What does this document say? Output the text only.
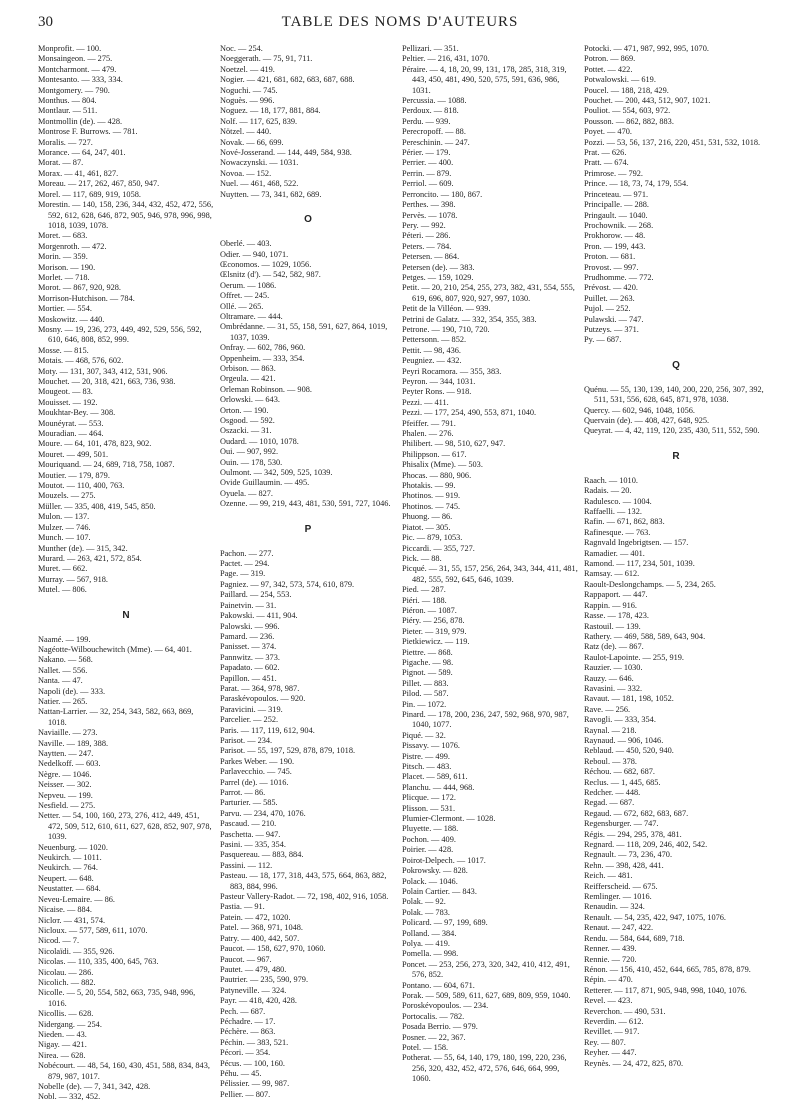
30	TABLE DES NOMS D'AUTEURS
Monprofit. — 100.
Monsaingeon. — 275.
Montcharmont. — 479.
Montesanto. — 333, 334.
Montgomery. — 790.
Monthus. — 804.
Montlaur. — 511.
Montmollin (de). — 428.
Montrose F. Burrows. — 781.
Moralis. — 727.
Morance. — 64, 247, 401.
Morat. — 87.
Morax. — 41, 461, 827.
Moreau. — 217, 262, 467, 850, 947.
Morel. — 117, 689, 919, 1058.
Morestin. — 140, 158, 236, 344, 432, 452, 472, 556, 592, 612, 628, 646, 872, 905, 946, 978, 996, 998, 1018, 1039, 1078.
Moret. — 683.
Morgenroth. — 472.
Morin. — 359.
Morison. — 190.
Morlet. — 718.
Morot. — 867, 920, 928.
Morrison-Hutchison. — 784.
Mortier. — 554.
Moskowitz. — 440.
Mosny. — 19, 236, 273, 449, 492, 529, 556, 592, 610, 646, 808, 852, 999.
Mosse. — 815.
Motais. — 468, 576, 602.
Moty. — 131, 307, 343, 412, 531, 906.
Mouchet. — 20, 318, 421, 663, 736, 938.
Mougeot. — 83.
Mouisset. — 192.
Moukhtar-Bey. — 308.
Mounéyrat. — 553.
Mouradian. — 464.
Moure. — 64, 101, 478, 823, 902.
Mouret. — 499, 501.
Mouriquand. — 24, 689, 718, 758, 1087.
Moutier. — 179, 879.
Moutot. — 110, 400, 763.
Mouzels. — 275.
Müller. — 335, 408, 419, 545, 850.
Mulon. — 137.
Mulzer. — 746.
Munch. — 107.
Munther (de). — 315, 342.
Murard. — 263, 421, 572, 854.
Muret. — 662.
Murray. — 567, 918.
Mutel. — 806.
N
Naamé. — 199.
Nagéotte-Wilbouchewitch (Mme). — 64, 401.
Nakano. — 568.
Nallet. — 556.
Nanta. — 47.
Napoli (de). — 333.
Natier. — 265.
Nattan-Larrier. — 32, 254, 343, 582, 663, 869, 1018.
Naviaille. — 273.
Naville. — 189, 388.
Naytten. — 247.
Nedelkoff. — 603.
Nègre. — 1046.
Neisser. — 302.
Nepveu. — 199.
Nesfield. — 275.
Netter. — 54, 100, 160, 273, 276, 412, 449, 451, 472, 509, 512, 610, 611, 627, 628, 852, 907, 978, 1039.
Neuenburg. — 1020.
Neukirch. — 1011.
Neukirch. — 764.
Neupert. — 648.
Neustatter. — 684.
Neveu-Lemaire. — 86.
Nicaise. — 884.
Nicloт. — 431, 574.
Nicloux. — 577, 589, 611, 1070.
Nicod. — 7.
Nicolaïdi. — 355, 926.
Nicolas. — 110, 335, 400, 645, 763.
Nicolau. — 286.
Nicolich. — 882.
Nicolle. — 5, 20, 554, 582, 663, 735, 948, 996, 1016.
Nicollis. — 628.
Nidergang. — 254.
Nieden. — 43.
Nigay. — 421.
Nirea. — 628.
Nobécourt. — 48, 54, 160, 430, 451, 588, 834, 843, 879, 987, 1017.
Nobelle (de). — 7, 341, 342, 428.
Nobl. — 332, 452.
Noc. — 254.
Noeggerath. — 75, 91, 711.
Noetzel. — 419.
Nogier. — 421, 681, 682, 683, 687, 688.
Noguchi. — 745.
Noguès. — 996.
Noguez. — 18, 177, 881, 884.
Nolf. — 117, 625, 839.
Nötzel. — 440.
Novak. — 66, 699.
Nové-Josserand. — 144, 449, 584, 938.
Nowaczynski. — 1031.
Novoa. — 152.
Nuel. — 461, 468, 522.
Nuytten. — 73, 341, 682, 689.
O
Oberlé. — 403.
Odier. — 940, 1071.
Œconomos. — 1029, 1056.
Œlsnitz (d'). — 542, 582, 987.
Oerum. — 1086.
Offret. — 245.
Ollé. — 265.
Oltramare. — 444.
Ombrédanne. — 31, 55, 158, 591, 627, 864, 1019, 1037, 1039.
Onfray. — 602, 786, 960.
Oppenheim. — 333, 354.
Orbison. — 863.
Orgeula. — 421.
Orleman Robinson. — 908.
Orlowski. — 643.
Orton. — 190.
Osgood. — 592.
Oszacki. — 31.
Oudard. — 1010, 1078.
Oui. — 907, 992.
Ouin. — 178, 530.
Oulmont. — 342, 509, 525, 1039.
Ovide Guillaumin. — 495.
Oyuela. — 827.
Ozenne. — 99, 219, 443, 481, 530, 591, 727, 1046.
P
Pachon. — 277.
Pactet. — 294.
Page. — 319.
Pagniez. — 97, 342, 573, 574, 610, 879.
Paillard. — 254, 553.
Painetvin. — 31.
Pakowski. — 411, 904.
Palowski. — 996.
Pamard. — 236.
Panisset. — 374.
Pannwitz. — 373.
Papadato. — 602.
Papillon. — 451.
Parat. — 364, 978, 987.
Paraskévopoulos. — 920.
Paravicini. — 319.
Parcelier. — 252.
Paris. — 117, 119, 612, 904.
Parisot. — 234.
Parisot. — 55, 197, 529, 878, 879, 1018.
Parkes Weber. — 190.
Parlavecchio. — 745.
Parrel (de). — 1016.
Parrot. — 86.
Parturier. — 585.
Parvu. — 234, 470, 1076.
Pascaud. — 210.
Paschetta. — 947.
Pasini. — 335, 354.
Pasquereau. — 883, 884.
Passini. — 112.
Pasteau. — 18, 177, 318, 443, 575, 664, 863, 882, 883, 884, 996.
Pasteur Vallery-Radot. — 72, 198, 402, 916, 1058.
Pastia. — 91.
Patein. — 472, 1020.
Patel. — 368, 971, 1048.
Patry. — 400, 442, 507.
Paucot. — 158, 627, 970, 1060.
Paucot. — 967.
Pautet. — 479, 480.
Pautrier. — 235, 590, 979.
Patyneville. — 324.
Payr. — 418, 420, 428.
Pech. — 687.
Péchadre. — 17.
Péchère. — 863.
Péchin. — 383, 521.
Pécori. — 354.
Pécus. — 100, 160.
Péhu. — 45.
Pélissier. — 99, 987.
Pellier. — 807.
Pellizari. — 351.
Peltier. — 216, 431, 1070.
Péraire. — 4, 18, 20, 99, 131, 178, 285, 318, 319, 443, 450, 481, 490, 520, 575, 591, 636, 986, 1031.
Percussia. — 1088.
Perdoux. — 818.
Perdu. — 939.
Perecropoff. — 88.
Pereschinin. — 247.
Périer. — 179.
Perrier. — 400.
Perrin. — 879.
Perriol. — 609.
Perroncito. — 180, 867.
Perthes. — 398.
Pervès. — 1078.
Pery. — 992.
Péteri. — 286.
Peters. — 784.
Petersen. — 864.
Petersen (de). — 383.
Petges. — 159, 1029.
Petit. — 20, 210, 254, 255, 273, 382, 431, 554, 555, 619, 696, 807, 920, 927, 997, 1030.
Petit de la Villéon. — 939.
Petrini de Galatz. — 332, 354, 355, 383.
Petrone. — 190, 710, 720.
Pettersonn. — 852.
Pettit. — 98, 436.
Peugniez. — 432.
Peyri Rocamora. — 355, 383.
Peyron. — 344, 1031.
Peyter Rons. — 918.
Pezzi. — 411.
Pezzi. — 177, 254, 490, 553, 871, 1040.
Pfeiffer. — 791.
Phalen. — 276.
Philibert. — 98, 510, 627, 947.
Philippson. — 617.
Phisalix (Mme). — 503.
Phocas. — 880, 906.
Photakis. — 99.
Photinos. — 919.
Photinos. — 745.
Phuong. — 86.
Piatot. — 305.
Pic. — 879, 1053.
Piccardi. — 355, 727.
Pick. — 88.
Picqué. — 31, 55, 157, 256, 264, 343, 344, 411, 481, 482, 555, 592, 645, 646, 1039.
Pied. — 287.
Piéri. — 188.
Piéron. — 1087.
Piéry. — 256, 878.
Pieter. — 319, 979.
Pietkiewicz. — 119.
Piettre. — 868.
Pigache. — 98.
Pignot. — 589.
Pillet. — 883.
Pilod. — 587.
Pin. — 1072.
Pinard. — 178, 200, 236, 247, 592, 968, 970, 987, 1040, 1077.
Piqué. — 32.
Pissavy. — 1076.
Pistre. — 499.
Pitsch. — 483.
Placet. — 589, 611.
Planchu. — 444, 968.
Plicque. — 172.
Plisson. — 531.
Plumier-Clermont. — 1028.
Pluyette. — 188.
Pochon. — 409.
Poirier. — 428.
Poirot-Delpech. — 1017.
Pokrowsky. — 828.
Polack. — 1046.
Polain Cartier. — 843.
Polak. — 92.
Polak. — 783.
Policard. — 97, 199, 689.
Polland. — 384.
Polya. — 419.
Pomella. — 998.
Poncet. — 253, 256, 273, 320, 342, 410, 412, 491, 576, 852.
Pontano. — 604, 671.
Porak. — 509, 589, 611, 627, 689, 809, 959, 1040.
Poroskévopoulos. — 234.
Portocalis. — 782.
Posada Berrio. — 979.
Posner. — 22, 367.
Potel. — 158.
Potherat. — 55, 64, 140, 179, 180, 199, 220, 236, 256, 320, 432, 452, 472, 576, 646, 664, 999, 1060.
Potocki. — 471, 987, 992, 995, 1070.
Potron. — 869.
Pottet. — 422.
Potwalowski. — 619.
Poucel. — 188, 218, 429.
Pouchet. — 200, 443, 512, 907, 1021.
Pouliot. — 554, 603, 972.
Pousson. — 862, 882, 883.
Poyet. — 470.
Pozzi. — 53, 56, 137, 216, 220, 451, 531, 532, 1018.
Prat. — 626.
Pratt. — 674.
Primrose. — 792.
Prince. — 18, 73, 74, 179, 554.
Princeteau. — 971.
Principalle. — 288.
Pringault. — 1040.
Prochownik. — 268.
Prokhorow. — 48.
Pron. — 199, 443.
Proton. — 681.
Provost. — 997.
Prudhomme. — 772.
Prévost. — 420.
Puillet. — 263.
Pujol. — 252.
Pulawski. — 747.
Putzeys. — 371.
Py. — 687.
Q
Quénu. — 55, 130, 139, 140, 200, 220, 256, 307, 392, 511, 531, 556, 628, 645, 871, 978, 1038.
Quercy. — 602, 946, 1048, 1056.
Quervain (de). — 408, 427, 648, 925.
Queyrat. — 4, 42, 119, 120, 235, 430, 511, 552, 590.
R
Raach. — 1010.
Radais. — 20.
Radulesco. — 1004.
Raffaelli. — 132.
Rafin. — 671, 862, 883.
Rafinesque. — 763.
Ragnvald Ingebrigtsen. — 157.
Ramadier. — 401.
Ramond. — 117, 234, 501, 1039.
Ramsay. — 612.
Raoult-Deslongchamps. — 5, 234, 265.
Rappaport. — 447.
Rappin. — 916.
Rasse. — 178, 423.
Rastouil. — 139.
Rathery. — 469, 588, 589, 643, 904.
Ratz (de). — 867.
Raulot-Lapointe. — 255, 919.
Rauzier. — 1030.
Rauzy. — 646.
Ravasini. — 332.
Ravaut. — 181, 198, 1052.
Rave. — 256.
Ravogli. — 333, 354.
Raynal. — 218.
Raynaud. — 906, 1046.
Reblaud. — 450, 520, 940.
Reboul. — 378.
Réchou. — 682, 687.
Reclus. — 1, 445, 685.
Redcher. — 448.
Regad. — 687.
Regaud. — 672, 682, 683, 687.
Regensburger. — 747.
Régis. — 294, 295, 378, 481.
Regnard. — 118, 209, 246, 402, 542.
Regnault. — 73, 236, 470.
Rehn. — 398, 428, 441.
Reich. — 481.
Reifferscheid. — 675.
Remlinger. — 1016.
Renaudin. — 324.
Renault. — 54, 235, 422, 947, 1075, 1076.
Renaut. — 247, 422.
Rendu. — 584, 644, 689, 718.
Renner. — 439.
Rennie. — 720.
Rénon. — 156, 410, 452, 644, 665, 785, 878, 879.
Répin. — 470.
Retterer. — 117, 871, 905, 948, 998, 1040, 1076.
Revel. — 423.
Reverchon. — 490, 531.
Reverdin. — 612.
Revillet. — 917.
Rey. — 807.
Reyher. — 447.
Reynès. — 24, 472, 825, 870.
